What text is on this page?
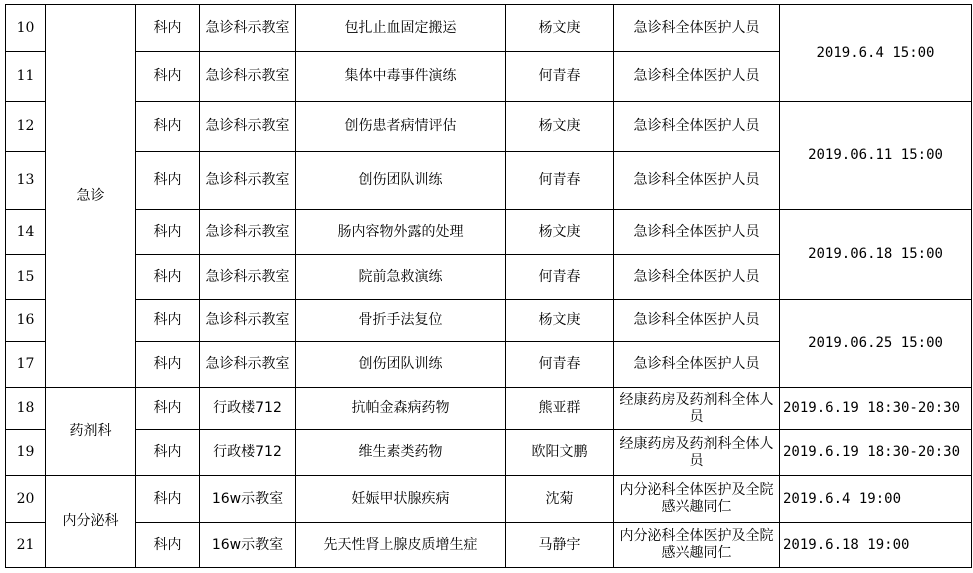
10	急诊	科内	急诊科示教室	包扎止血固定搬运	杨文庚	急诊科全体医护人员	2019.6.4 15:00
11		科内	急诊科示教室	集体中毒事件演练	何青春	急诊科全体医护人员	
12		科内	急诊科示教室	创伤患者病情评估	杨文庚	急诊科全体医护人员	2019.06.11 15:00
13		科内	急诊科示教室	创伤团队训练	何青春	急诊科全体医护人员	
14		科内	急诊科示教室	肠内容物外露的处理	杨文庚	急诊科全体医护人员	2019.06.18 15:00
15		科内	急诊科示教室	院前急救演练	何青春	急诊科全体医护人员	
16		科内	急诊科示教室	骨折手法复位	杨文庚	急诊科全体医护人员	2019.06.25 15:00
17		科内	急诊科示教室	创伤团队训练	何青春	急诊科全体医护人员	
18	药剂科	科内	行政楼712	抗帕金森病药物	熊亚群	经康药房及药剂科全体人员	2019.6.19 18:30-20:30
19		科内	行政楼712	维生素类药物	欧阳文鹏	经康药房及药剂科全体人员	2019.6.19 18:30-20:30
20	内分泌科	科内	16w示教室	妊娠甲状腺疾病	沈菊	内分泌科全体医护及全院感兴趣同仁	2019.6.4 19:00
21		科内	16w示教室	先天性肾上腺皮质增生症	马静宇	内分泌科全体医护及全院感兴趣同仁	2019.6.18 19:00
